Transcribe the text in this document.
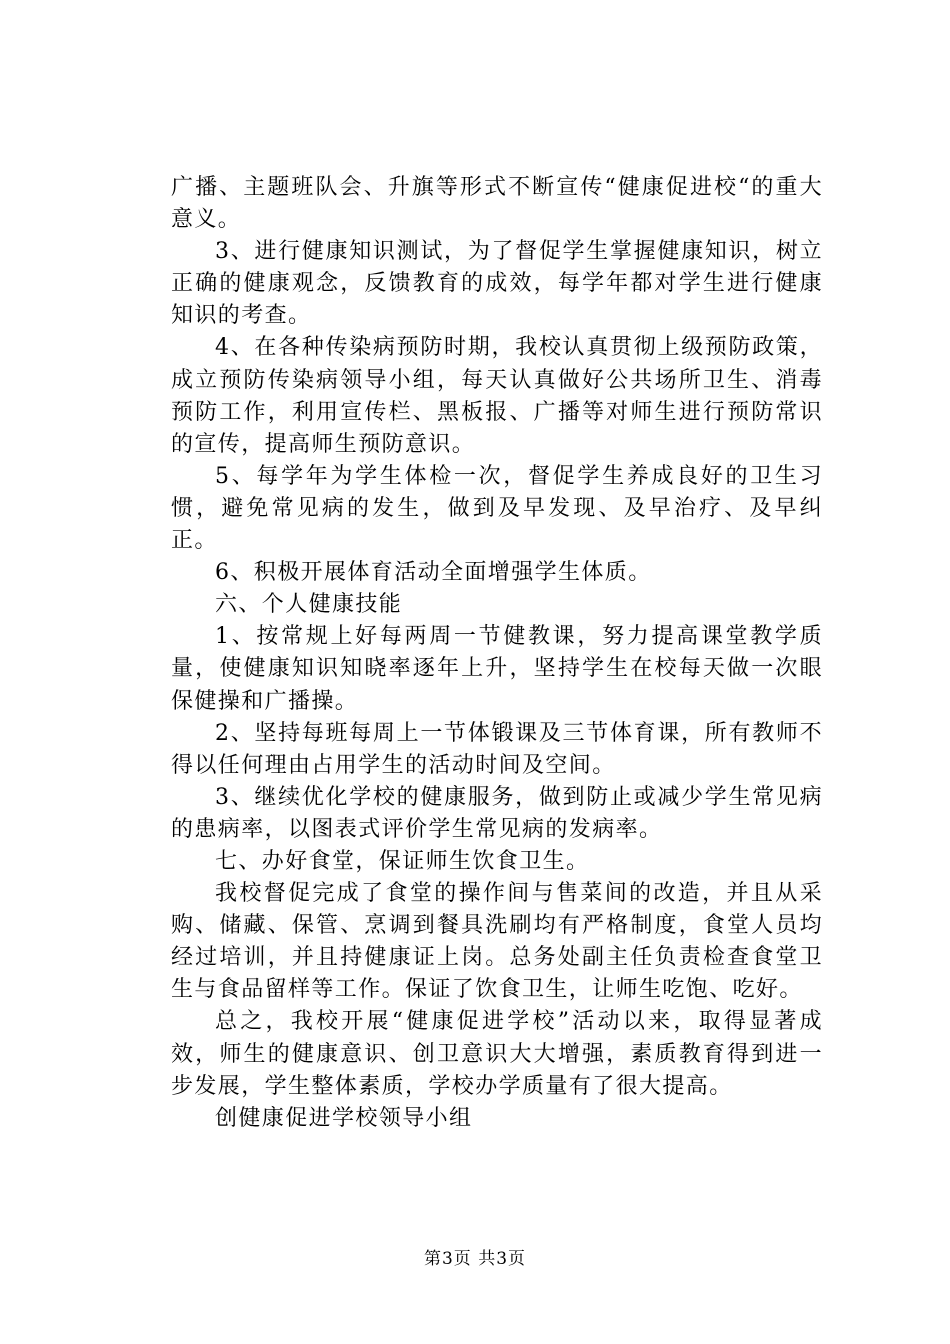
广播、主题班队会、升旗等形式不断宣传“健康促进校“的重大意义。

3、进行健康知识测试，为了督促学生掌握健康知识，树立正确的健康观念，反馈教育的成效，每学年都对学生进行健康知识的考查。

4、在各种传染病预防时期，我校认真贯彻上级预防政策，成立预防传染病领导小组，每天认真做好公共场所卫生、消毒预防工作，利用宣传栏、黑板报、广播等对师生进行预防常识的宣传，提高师生预防意识。

5、每学年为学生体检一次，督促学生养成良好的卫生习惯，避免常见病的发生，做到及早发现、及早治疗、及早纠正。

6、积极开展体育活动全面增强学生体质。

六、个人健康技能

1、按常规上好每两周一节健教课，努力提高课堂教学质量，使健康知识知晓率逐年上升，坚持学生在校每天做一次眼保健操和广播操。

2、坚持每班每周上一节体锻课及三节体育课，所有教师不得以任何理由占用学生的活动时间及空间。

3、继续优化学校的健康服务，做到防止或减少学生常见病的患病率，以图表式评价学生常见病的发病率。

七、办好食堂，保证师生饮食卫生。

我校督促完成了食堂的操作间与售菜间的改造，并且从采购、储藏、保管、烹调到餐具洗刷均有严格制度，食堂人员均经过培训，并且持健康证上岗。总务处副主任负责检查食堂卫生与食品留样等工作。保证了饮食卫生，让师生吃饱、吃好。

总之，我校开展“健康促进学校”活动以来，取得显著成效，师生的健康意识、创卫意识大大增强，素质教育得到进一步发展，学生整体素质，学校办学质量有了很大提高。

创健康促进学校领导小组

第3页 共3页
